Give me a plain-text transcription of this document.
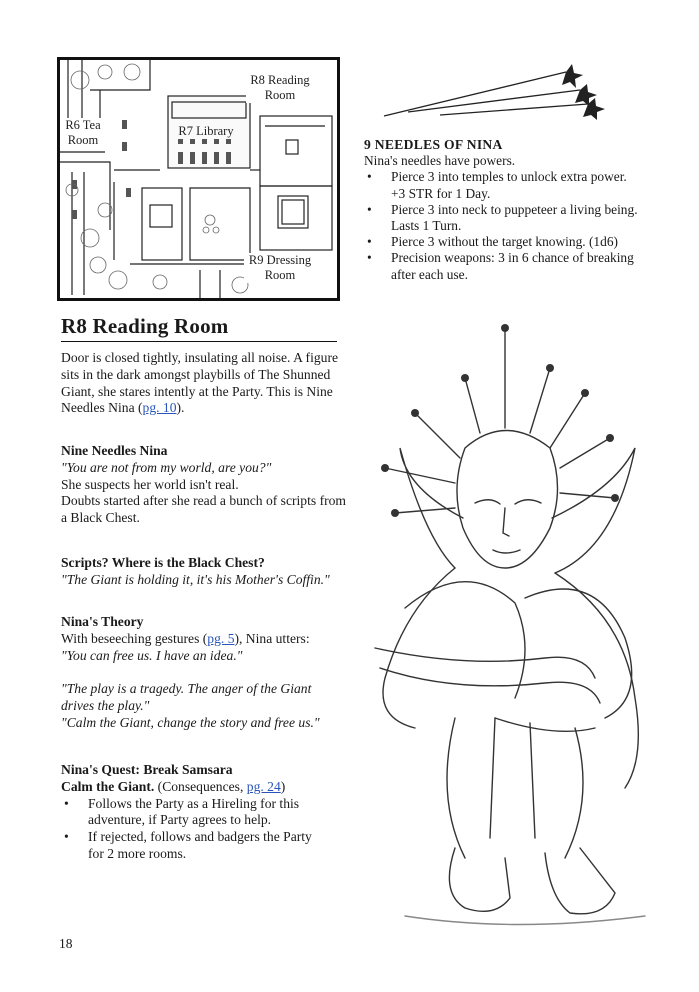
R8 Reading Room
R6 Tea Room
R7 Library
R9 Dressing Room
9 NEEDLES OF NINA
Nina's needles have powers.
• Pierce 3 into temples to unlock extra power. +3 STR for 1 Day.
• Pierce 3 into neck to puppeteer a living being. Lasts 1 Turn.
• Pierce 3 without the target knowing. (1d6)
• Precision weapons: 3 in 6 chance of breaking after each use.
R8 Reading Room

Door is closed tightly, insulating all noise. A figure sits in the dark amongst playbills of The Shunned Giant, she stares intently at the Party. This is Nine Needles Nina (pg. 10).

Nine Needles Nina

"You are not from my world, are you?"

She suspects her world isn't real.

Doubts started after she read a bunch of scripts from a Black Chest.

Scripts? Where is the Black Chest?

"The Giant is holding it, it's his Mother's Coffin."

Nina's Theory

With beseeching gestures (pg. 5), Nina utters:

"You can free us. I have an idea."

"The play is a tragedy. The anger of the Giant drives the play."

"Calm the Giant, change the story and free us."

Nina's Quest: Break Samsara

Calm the Giant. (Consequences, pg. 24)

• Follows the Party as a Hireling for this adventure, if Party agrees to help.
• If rejected, follows and badgers the Party for 2 more rooms.
18
